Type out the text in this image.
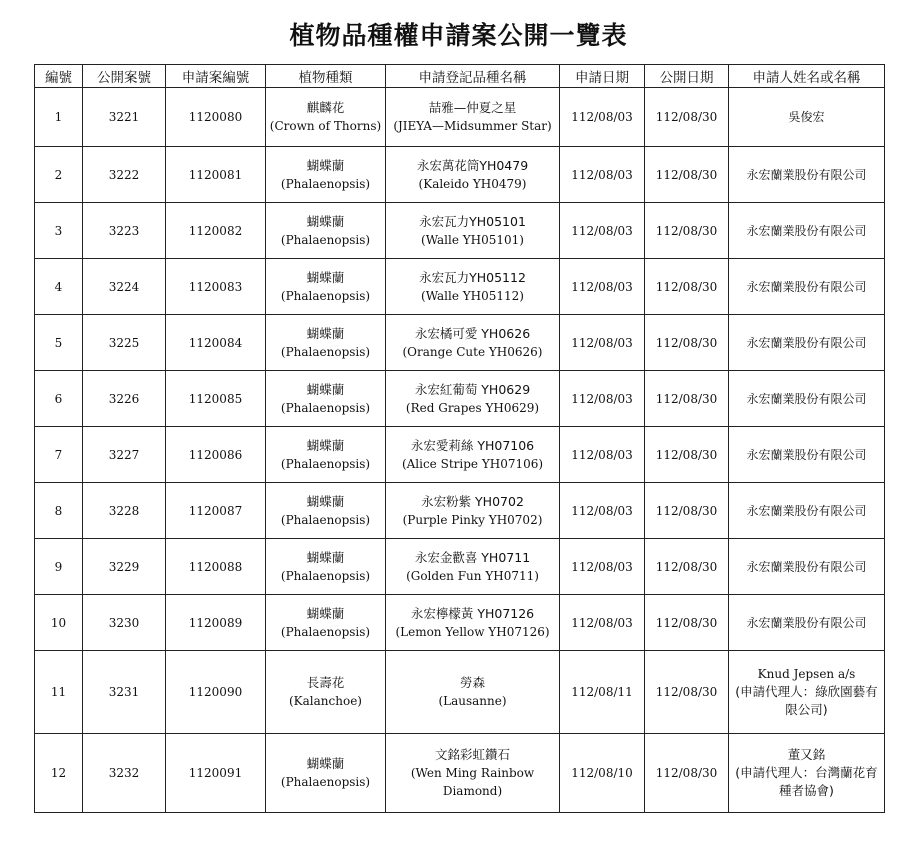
植物品種權申請案公開一覽表
編號	公開案號	申請案編號	植物種類	申請登記品種名稱	申請日期	公開日期	申請人姓名或名稱
1	3221	1120080	麒麟花
(Crown of Thorns)	喆雅—仲夏之星
(JIEYA—Midsummer Star)	112/08/03	112/08/30	吳俊宏
2	3222	1120081	蝴蝶蘭
(Phalaenopsis)	永宏萬花筒YH0479
(Kaleido YH0479)	112/08/03	112/08/30	永宏蘭業股份有限公司
3	3223	1120082	蝴蝶蘭
(Phalaenopsis)	永宏瓦力YH05101
(Walle YH05101)	112/08/03	112/08/30	永宏蘭業股份有限公司
4	3224	1120083	蝴蝶蘭
(Phalaenopsis)	永宏瓦力YH05112
(Walle YH05112)	112/08/03	112/08/30	永宏蘭業股份有限公司
5	3225	1120084	蝴蝶蘭
(Phalaenopsis)	永宏橘可愛 YH0626
(Orange Cute YH0626)	112/08/03	112/08/30	永宏蘭業股份有限公司
6	3226	1120085	蝴蝶蘭
(Phalaenopsis)	永宏紅葡萄 YH0629
(Red Grapes YH0629)	112/08/03	112/08/30	永宏蘭業股份有限公司
7	3227	1120086	蝴蝶蘭
(Phalaenopsis)	永宏愛莉絲 YH07106
(Alice Stripe YH07106)	112/08/03	112/08/30	永宏蘭業股份有限公司
8	3228	1120087	蝴蝶蘭
(Phalaenopsis)	永宏粉紫 YH0702
(Purple Pinky YH0702)	112/08/03	112/08/30	永宏蘭業股份有限公司
9	3229	1120088	蝴蝶蘭
(Phalaenopsis)	永宏金歡喜 YH0711
(Golden Fun YH0711)	112/08/03	112/08/30	永宏蘭業股份有限公司
10	3230	1120089	蝴蝶蘭
(Phalaenopsis)	永宏檸檬黃 YH07126
(Lemon Yellow YH07126)	112/08/03	112/08/30	永宏蘭業股份有限公司
11	3231	1120090	長壽花
(Kalanchoe)	勞森
(Lausanne)	112/08/11	112/08/30	Knud Jepsen a/s
(申請代理人：綠欣園藝有限公司)

12	3232	1120091	蝴蝶蘭
(Phalaenopsis)	文銘彩虹鑽石
(Wen Ming Rainbow Diamond)	112/08/10	112/08/30	董又銘
(申請代理人：台灣蘭花育種者協會)
